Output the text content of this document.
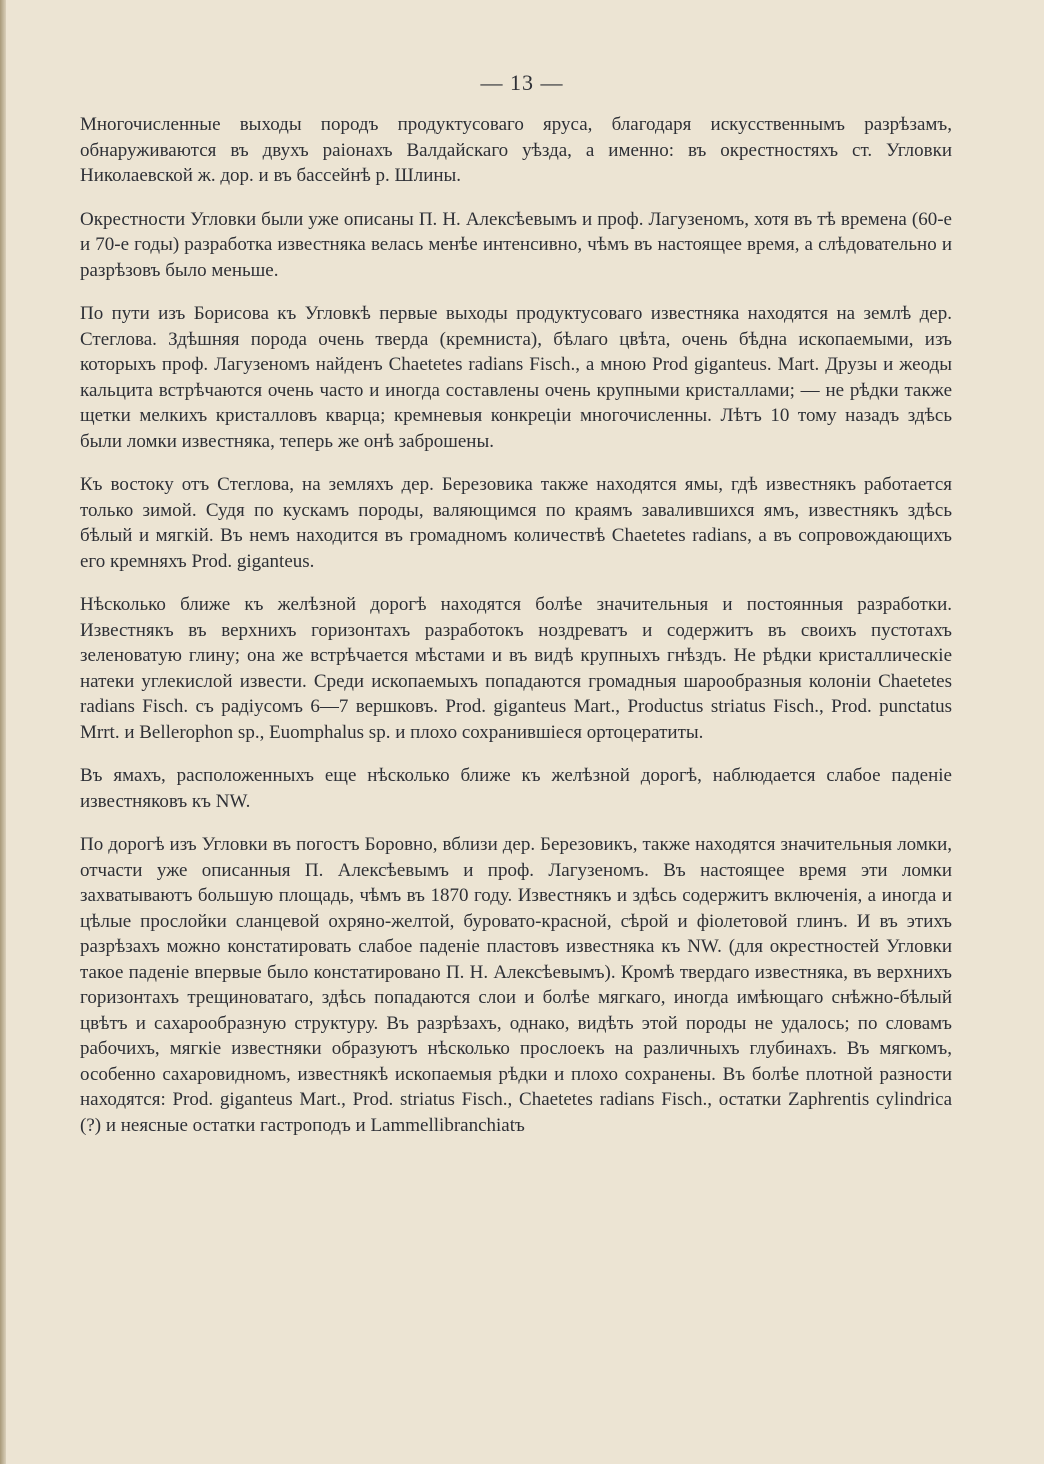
— 13 —

Многочисленные выходы породъ продуктусоваго яруса, благодаря искусственнымъ разрѣзамъ, обнаруживаются въ двухъ раіонахъ Валдайскаго уѣзда, а именно: въ окрестностяхъ ст. Угловки Николаевской ж. дор. и въ бассейнѣ р. Шлины.

Окрестности Угловки были уже описаны П. Н. Алексѣевымъ и проф. Лагузеномъ, хотя въ тѣ времена (60-е и 70-е годы) разработка известняка велась менѣе интенсивно, чѣмъ въ настоящее время, а слѣдовательно и разрѣзовъ было меньше.

По пути изъ Борисова къ Угловкѣ первые выходы продуктусоваго известняка находятся на землѣ дер. Стеглова. Здѣшняя порода очень тверда (кремниста), бѣлаго цвѣта, очень бѣдна ископаемыми, изъ которыхъ проф. Лагузеномъ найденъ Chaetetes radians Fisch., а мною Prod giganteus. Mart. Друзы и жеоды кальцита встрѣчаются очень часто и иногда составлены очень крупными кристаллами; — не рѣдки также щетки мелкихъ кристалловъ кварца; кремневыя конкреціи многочисленны. Лѣтъ 10 тому назадъ здѣсь были ломки известняка, теперь же онѣ заброшены.

Къ востоку отъ Стеглова, на земляхъ дер. Березовика также находятся ямы, гдѣ известнякъ работается только зимой. Судя по кускамъ породы, валяющимся по краямъ завалившихся ямъ, известнякъ здѣсь бѣлый и мягкій. Въ немъ находится въ громадномъ количествѣ Chaetetes radians, а въ сопровождающихъ его кремняхъ Prod. giganteus.

Нѣсколько ближе къ желѣзной дорогѣ находятся болѣе значительныя и постоянныя разработки. Известнякъ въ верхнихъ горизонтахъ разработокъ ноздреватъ и содержитъ въ своихъ пустотахъ зеленоватую глину; она же встрѣчается мѣстами и въ видѣ крупныхъ гнѣздъ. Не рѣдки кристаллическіе натеки углекислой извести. Среди ископаемыхъ попадаются громадныя шарообразныя колоніи Chaetetes radians Fisch. съ радіусомъ 6—7 вершковъ. Prod. giganteus Mart., Productus striatus Fisch., Prod. punctatus Mrrt. и Bellerophon sp., Euomphalus sp. и плохо сохранившіеся ортоцератиты.

Въ ямахъ, расположенныхъ еще нѣсколько ближе къ желѣзной дорогѣ, наблюдается слабое паденіе известняковъ къ NW.

По дорогѣ изъ Угловки въ погостъ Боровно, вблизи дер. Березовикъ, также находятся значительныя ломки, отчасти уже описанныя П. Алексѣевымъ и проф. Лагузеномъ. Въ настоящее время эти ломки захватываютъ большую площадь, чѣмъ въ 1870 году. Известнякъ и здѣсь содержитъ включенія, а иногда и цѣлые прослойки сланцевой охряно-желтой, буровато-красной, сѣрой и фіолетовой глинъ. И въ этихъ разрѣзахъ можно констатировать слабое паденіе пластовъ известняка къ NW. (для окрестностей Угловки такое паденіе впервые было констатировано П. Н. Алексѣевымъ). Кромѣ твердаго известняка, въ верхнихъ горизонтахъ трещиноватаго, здѣсь попадаются слои и болѣе мягкаго, иногда имѣющаго снѣжно-бѣлый цвѣтъ и сахарообразную структуру. Въ разрѣзахъ, однако, видѣть этой породы не удалось; по словамъ рабочихъ, мягкіе известняки образуютъ нѣсколько прослоекъ на различныхъ глубинахъ. Въ мягкомъ, особенно сахаровидномъ, известнякѣ ископаемыя рѣдки и плохо сохранены. Въ болѣе плотной разности находятся: Prod. giganteus Mart., Prod. striatus Fisch., Chaetetes radians Fisch., остатки Zaphrentis cylindrica (?) и неясные остатки гастроподъ и Lammellibranchiatъ
